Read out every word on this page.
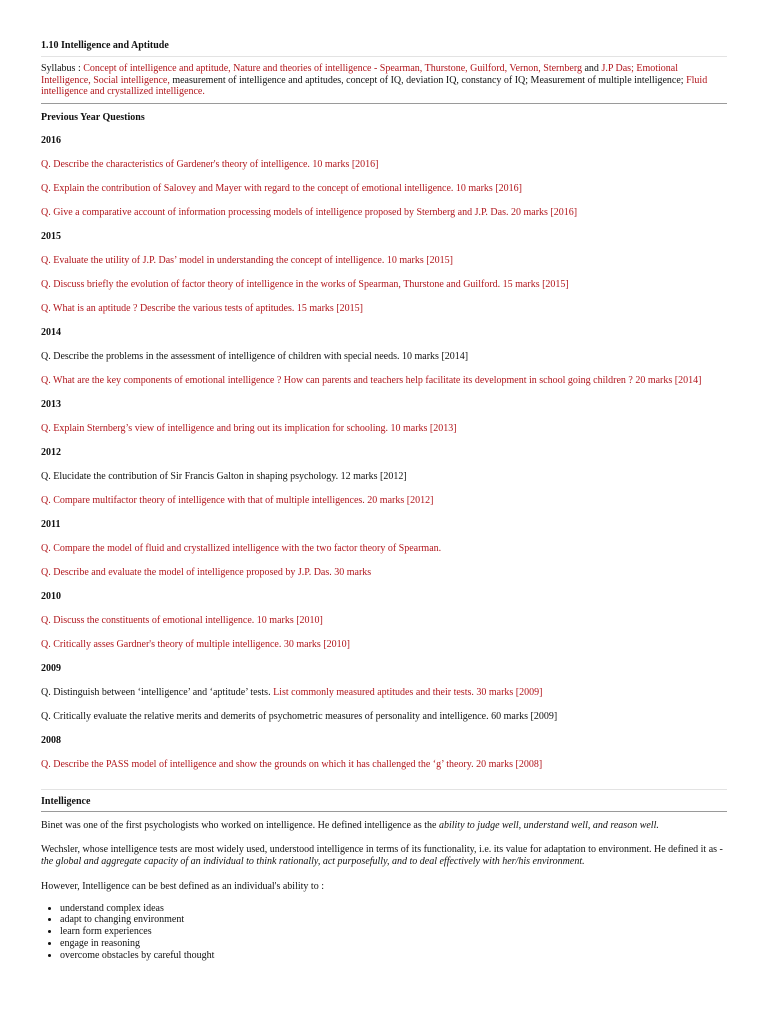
1.10 Intelligence and Aptitude
Syllabus : Concept of intelligence and aptitude, Nature and theories of intelligence - Spearman, Thurstone, Guilford, Vernon, Sternberg and J.P Das; Emotional Intelligence, Social intelligence, measurement of intelligence and aptitudes, concept of IQ, deviation IQ, constancy of IQ; Measurement of multiple intelligence; Fluid intelligence and crystallized intelligence.
Previous Year Questions
2016
Q. Describe the characteristics of Gardener's theory of intelligence. 10 marks [2016]
Q. Explain the contribution of Salovey and Mayer with regard to the concept of emotional intelligence. 10 marks [2016]
Q. Give a comparative account of information processing models of intelligence proposed by Sternberg and J.P. Das. 20 marks [2016]
2015
Q. Evaluate the utility of J.P. Das’ model in understanding the concept of intelligence. 10 marks [2015]
Q. Discuss briefly the evolution of factor theory of intelligence in the works of Spearman, Thurstone and Guilford. 15 marks [2015]
Q. What is an aptitude ? Describe the various tests of aptitudes. 15 marks [2015]
2014
Q. Describe the problems in the assessment of intelligence of children with special needs. 10 marks [2014]
Q. What are the key components of emotional intelligence ? How can parents and teachers help facilitate its development in school going children ? 20 marks [2014]
2013
Q. Explain Sternberg’s view of intelligence and bring out its implication for schooling. 10 marks [2013]
2012
Q. Elucidate the contribution of Sir Francis Galton in shaping psychology. 12 marks [2012]
Q. Compare multifactor theory of intelligence with that of multiple intelligences. 20 marks [2012]
2011
Q. Compare the model of fluid and crystallized intelligence with the two factor theory of Spearman.
Q. Describe and evaluate the model of intelligence proposed by J.P. Das. 30 marks
2010
Q. Discuss the constituents of emotional intelligence. 10 marks [2010]
Q. Critically asses Gardner's theory of multiple intelligence. 30 marks [2010]
2009
Q. Distinguish between ‘intelligence’ and ‘aptitude’ tests. List commonly measured aptitudes and their tests. 30 marks [2009]
Q. Critically evaluate the relative merits and demerits of psychometric measures of personality and intelligence. 60 marks [2009]
2008
Q. Describe the PASS model of intelligence and show the grounds on which it has challenged the ‘g’ theory. 20 marks [2008]
Intelligence
Binet was one of the first psychologists who worked on intelligence. He defined intelligence as the ability to judge well, understand well, and reason well.
Wechsler, whose intelligence tests are most widely used, understood intelligence in terms of its functionality, i.e. its value for adaptation to environment. He defined it as -
the global and aggregate capacity of an individual to think rationally, act purposefully, and to deal effectively with her/his environment.
However, Intelligence can be best defined as an individual's ability to :
• understand complex ideas
• adapt to changing environment
• learn form experiences
• engage in reasoning
• overcome obstacles by careful thought
